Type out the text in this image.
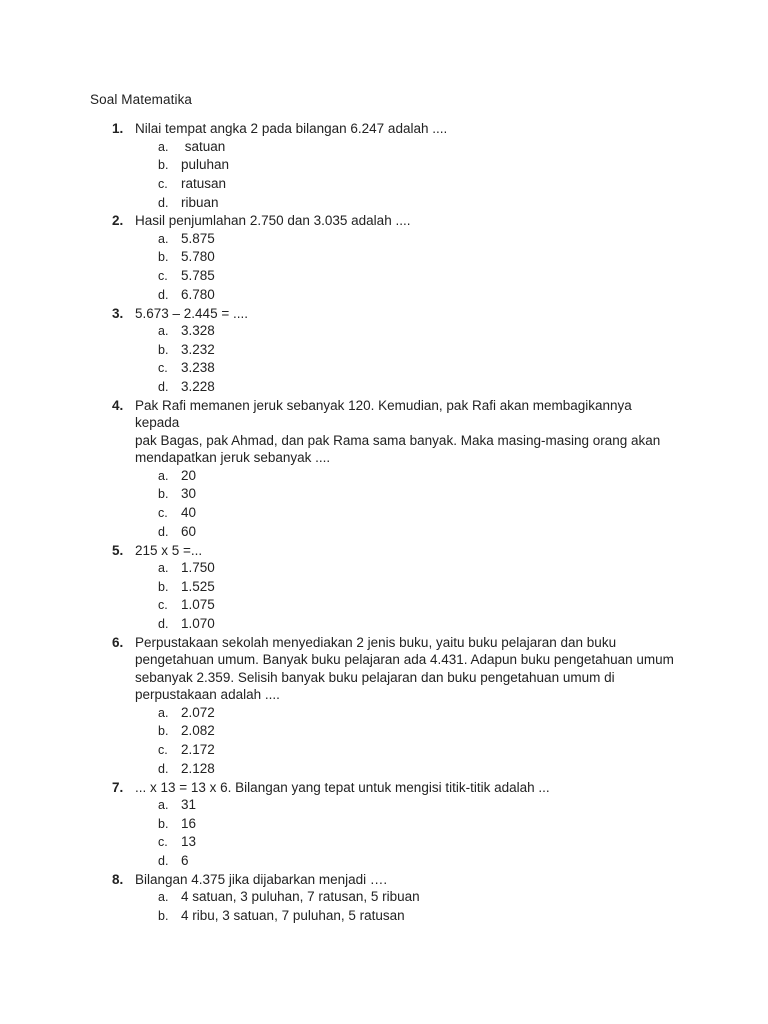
Soal Matematika
1. Nilai tempat angka 2 pada bilangan 6.247 adalah ....
a. satuan
b. puluhan
c. ratusan
d. ribuan
2. Hasil penjumlahan 2.750 dan 3.035 adalah ....
a. 5.875
b. 5.780
c. 5.785
d. 6.780
3. 5.673 – 2.445 = ....
a. 3.328
b. 3.232
c. 3.238
d. 3.228
4. Pak Rafi memanen jeruk sebanyak 120. Kemudian, pak Rafi akan membagikannya kepada
pak Bagas, pak Ahmad, dan pak Rama sama banyak. Maka masing-masing orang akan
mendapatkan jeruk sebanyak ....
a. 20
b. 30
c. 40
d. 60
5. 215 x 5 =...
a. 1.750
b. 1.525
c. 1.075
d. 1.070
6. Perpustakaan sekolah menyediakan 2 jenis buku, yaitu buku pelajaran dan buku
pengetahuan umum. Banyak buku pelajaran ada 4.431. Adapun buku pengetahuan umum
sebanyak 2.359. Selisih banyak buku pelajaran dan buku pengetahuan umum di
perpustakaan adalah ....
a. 2.072
b. 2.082
c. 2.172
d. 2.128
7. ... x 13 = 13 x 6. Bilangan yang tepat untuk mengisi titik-titik adalah ...
a. 31
b. 16
c. 13
d. 6
8. Bilangan 4.375 jika dijabarkan menjadi ….
a. 4 satuan, 3 puluhan, 7 ratusan, 5 ribuan
b. 4 ribu, 3 satuan, 7 puluhan, 5 ratusan
